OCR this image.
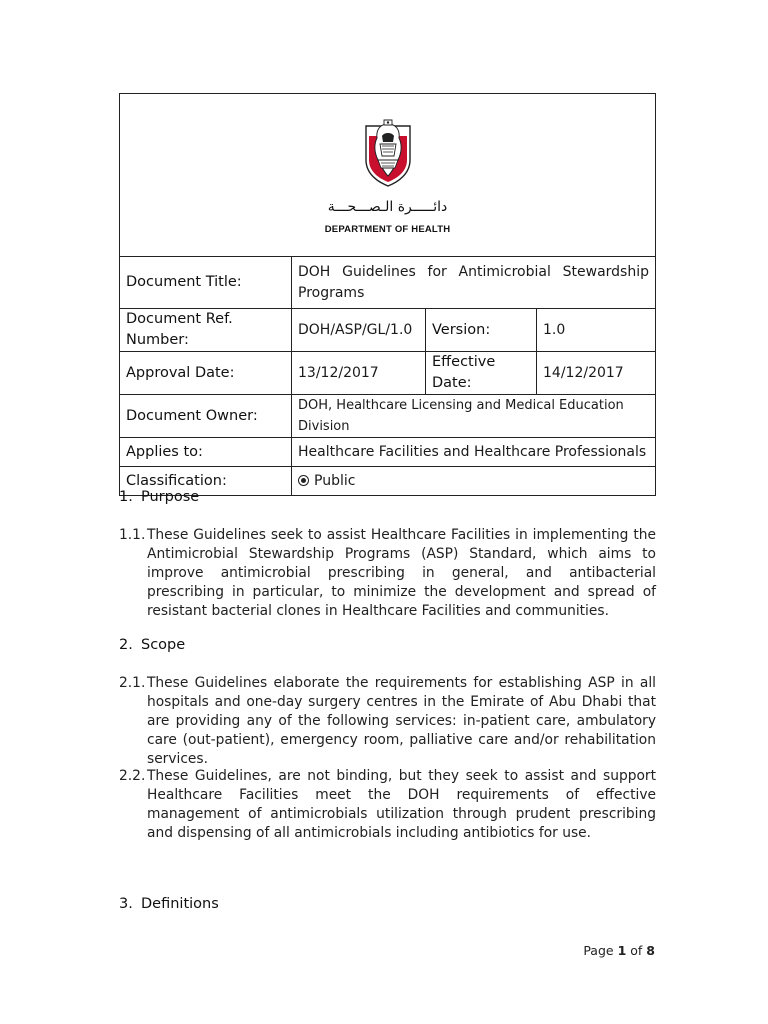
دائـــــرة الـصـــحـــة
DEPARTMENT OF HEALTH			

Document Title:	DOH Guidelines for Antimicrobial Stewardship Programs		
Document Ref. Number:	DOH/ASP/GL/1.0	Version:	1.0
Approval Date:	13/12/2017	Effective Date:	14/12/2017
Document Owner:	DOH, Healthcare Licensing and Medical Education Division		
Applies to:	Healthcare Facilities and Healthcare Professionals		
Classification:	Public		
1. Purpose
1.1. These Guidelines seek to assist Healthcare Facilities in implementing the Antimicrobial Stewardship Programs (ASP) Standard, which aims to improve antimicrobial prescribing in general, and antibacterial prescribing in particular, to minimize the development and spread of resistant bacterial clones in Healthcare Facilities and communities.
2. Scope
2.1. These Guidelines elaborate the requirements for establishing ASP in all hospitals and one-day surgery centres in the Emirate of Abu Dhabi that are providing any of the following services: in-patient care, ambulatory care (out-patient), emergency room, palliative care and/or rehabilitation services.
2.2. These Guidelines, are not binding, but they seek to assist and support Healthcare Facilities meet the DOH requirements of effective management of antimicrobials utilization through prudent prescribing and dispensing of all antimicrobials including antibiotics for use.
3. Definitions
Page 1 of 8
